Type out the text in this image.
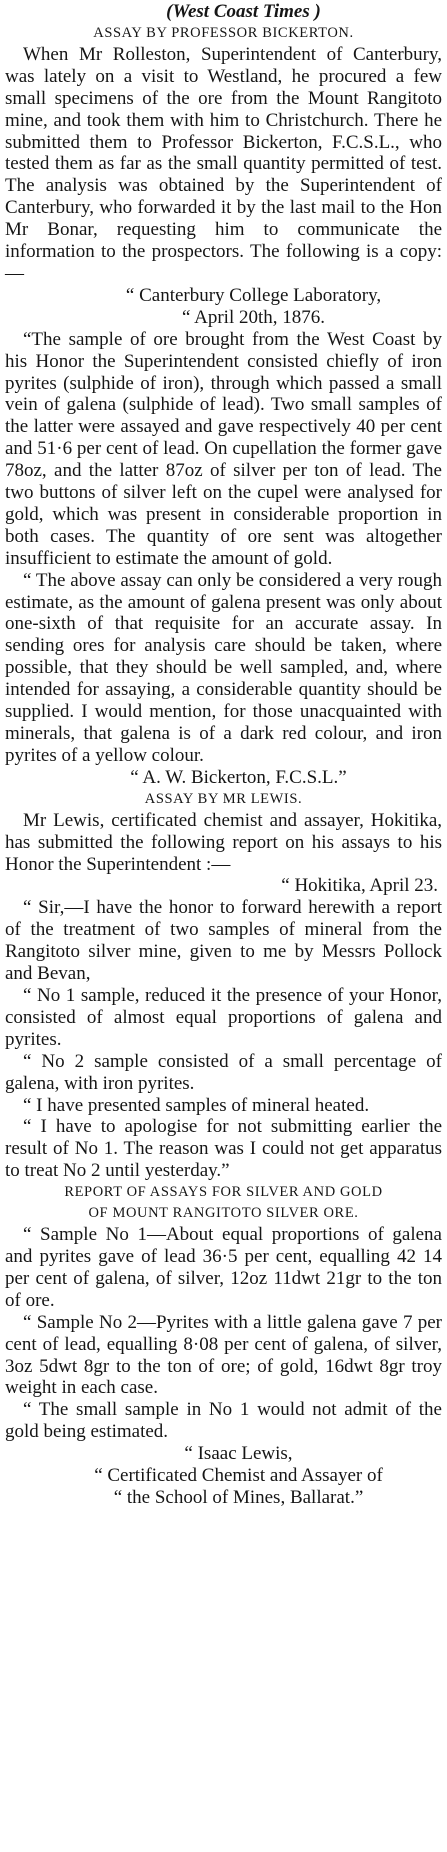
(West Coast Times )

ASSAY BY PROFESSOR BICKERTON.

When Mr Rolleston, Superintendent of Canterbury, was lately on a visit to Westland, he procured a few small specimens of the ore from the Mount Rangitoto mine, and took them with him to Christchurch. There he submitted them to Professor Bickerton, F.C.S.L., who tested them as far as the small quantity permitted of test. The analysis was obtained by the Superintendent of Canterbury, who forwarded it by the last mail to the Hon Mr Bonar, requesting him to communicate the information to the prospectors. The following is a copy:—

“ Canterbury College Laboratory,

“ April 20th, 1876.

“The sample of ore brought from the West Coast by his Honor the Superintendent consisted chiefly of iron pyrites (sulphide of iron), through which passed a small vein of galena (sulphide of lead). Two small samples of the latter were assayed and gave respectively 40 per cent and 51·6 per cent of lead. On cupellation the former gave 78oz, and the latter 87oz of silver per ton of lead. The two buttons of silver left on the cupel were analysed for gold, which was present in considerable proportion in both cases. The quantity of ore sent was altogether insufficient to estimate the amount of gold.

“ The above assay can only be considered a very rough estimate, as the amount of galena present was only about one-sixth of that requisite for an accurate assay. In sending ores for analysis care should be taken, where possible, that they should be well sampled, and, where intended for assaying, a considerable quantity should be supplied. I would mention, for those unacquainted with minerals, that galena is of a dark red colour, and iron pyrites of a yellow colour.

“ A. W. Bickerton, F.C.S.L.”

ASSAY BY MR LEWIS.

Mr Lewis, certificated chemist and assayer, Hokitika, has submitted the following report on his assays to his Honor the Superintendent :—

“ Hokitika, April 23.

“ Sir,—I have the honor to forward herewith a report of the treatment of two samples of mineral from the Rangitoto silver mine, given to me by Messrs Pollock and Bevan,

“ No 1 sample, reduced it the presence of your Honor, consisted of almost equal proportions of galena and pyrites.

“ No 2 sample consisted of a small percentage of galena, with iron pyrites.

“ I have presented samples of mineral heated.

“ I have to apologise for not submitting earlier the result of No 1. The reason was I could not get apparatus to treat No 2 until yesterday.”

REPORT OF ASSAYS FOR SILVER AND GOLD

OF MOUNT RANGITOTO SILVER ORE.

“ Sample No 1—About equal proportions of galena and pyrites gave of lead 36·5 per cent, equalling 42 14 per cent of galena, of silver, 12oz 11dwt 21gr to the ton of ore.

“ Sample No 2—Pyrites with a little galena gave 7 per cent of lead, equalling 8·08 per cent of galena, of silver, 3oz 5dwt 8gr to the ton of ore; of gold, 16dwt 8gr troy weight in each case.

“ The small sample in No 1 would not admit of the gold being estimated.

“ Isaac Lewis,

“ Certificated Chemist and Assayer of

“ the School of Mines, Ballarat.”
